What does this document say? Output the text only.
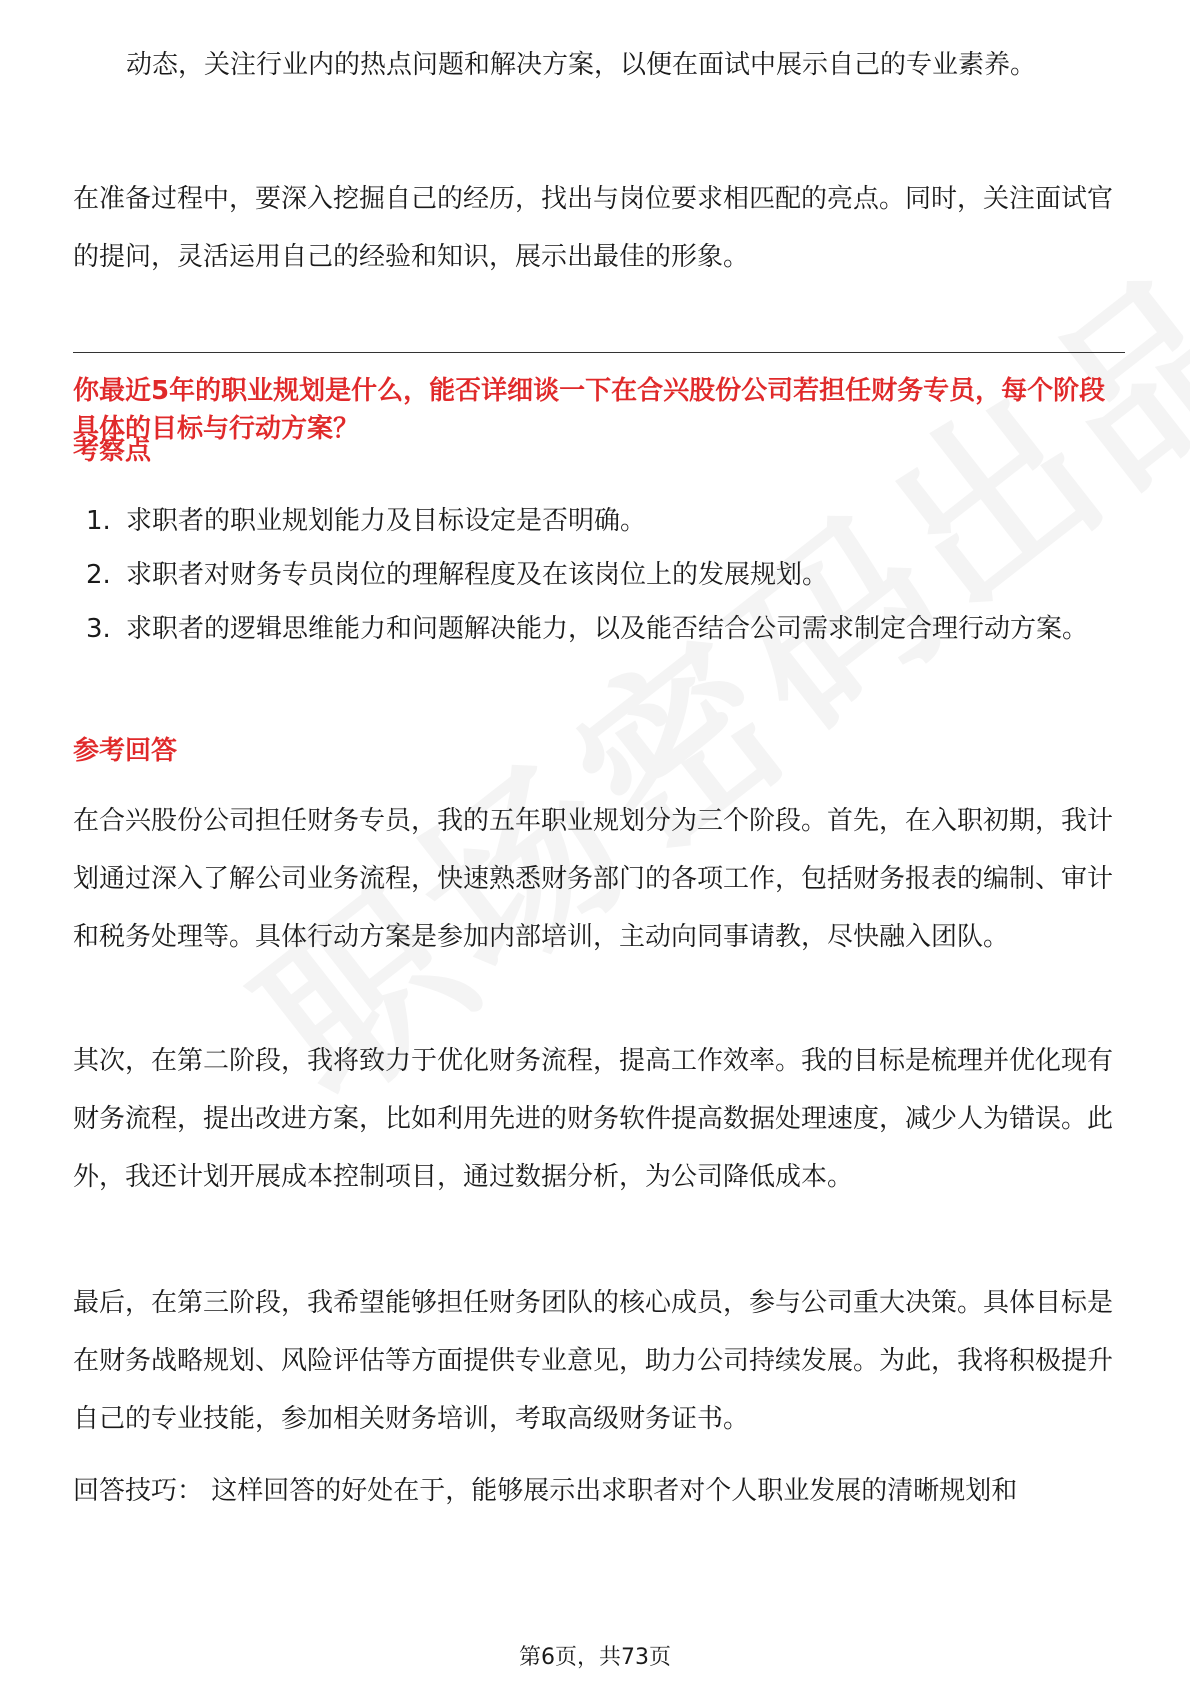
动态，关注行业内的热点问题和解决方案，以便在面试中展示自己的专业素养。

在准备过程中，要深入挖掘自己的经历，找出与岗位要求相匹配的亮点。同时，关注面试官的提问，灵活运用自己的经验和知识，展示出最佳的形象。

你最近5年的职业规划是什么，能否详细谈一下在合兴股份公司若担任财务专员，每个阶段具体的目标与行动方案？

考察点

1. 求职者的职业规划能力及目标设定是否明确。
2. 求职者对财务专员岗位的理解程度及在该岗位上的发展规划。
3. 求职者的逻辑思维能力和问题解决能力，以及能否结合公司需求制定合理行动方案。

参考回答

在合兴股份公司担任财务专员，我的五年职业规划分为三个阶段。首先，在入职初期，我计划通过深入了解公司业务流程，快速熟悉财务部门的各项工作，包括财务报表的编制、审计和税务处理等。具体行动方案是参加内部培训，主动向同事请教，尽快融入团队。

其次，在第二阶段，我将致力于优化财务流程，提高工作效率。我的目标是梳理并优化现有财务流程，提出改进方案，比如利用先进的财务软件提高数据处理速度，减少人为错误。此外，我还计划开展成本控制项目，通过数据分析，为公司降低成本。

最后，在第三阶段，我希望能够担任财务团队的核心成员，参与公司重大决策。具体目标是在财务战略规划、风险评估等方面提供专业意见，助力公司持续发展。为此，我将积极提升自己的专业技能，参加相关财务培训，考取高级财务证书。

回答技巧： 这样回答的好处在于，能够展示出求职者对个人职业发展的清晰规划和

第6页，共73页
